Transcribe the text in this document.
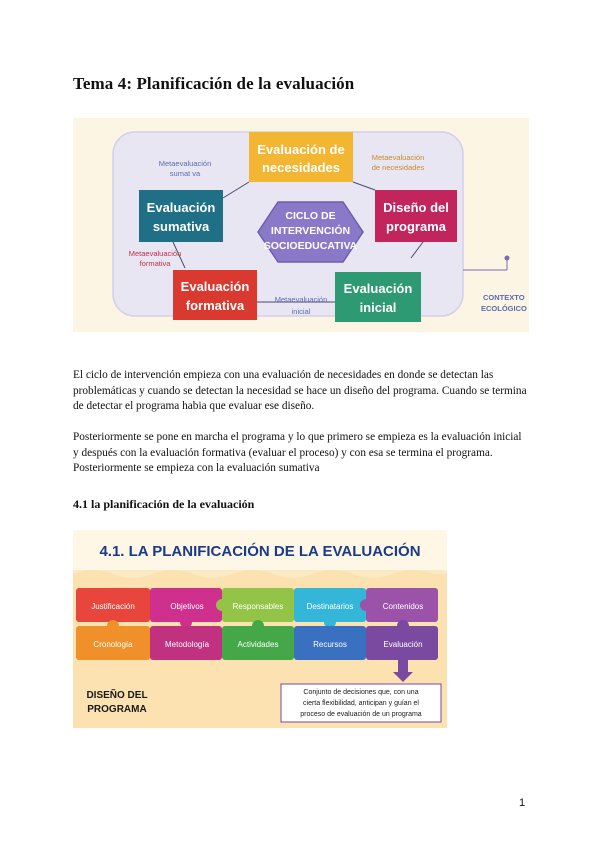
Tema 4: Planificación de la evaluación
CICLO DE
INTERVENCIÓN
SOCIOEDUCATIVA
Evaluación de
necesidades
Diseño del
programa
Evaluación
inicial
Evaluación
formativa
Evaluación
sumativa
Metaevaluación
sumat va
Metaevaluación
de necesidades
Metaevaluación
formativa
Metaevaluación
inicial
CONTEXTO
ECOLÓGICO
El ciclo de intervención empieza con una evaluación de necesidades en donde se detectan las problemáticas y cuando se detectan la necesidad se hace un diseño del programa. Cuando se termina de detectar el programa habia que evaluar ese diseño.
Posteriormente se pone en marcha el programa y lo que primero se empieza es la evaluación inicial y después con la evaluación formativa (evaluar el proceso) y con esa se termina el programa. Posteriormente se empieza con la evaluación sumativa
4.1 la planificación de la evaluación
4.1. LA PLANIFICACIÓN DE LA EVALUACIÓN
Justificación	Objetivos	Responsables	Destinatarios	Contenidos
Cronología	Metodología	Actividades	Recursos	Evaluación
DISEÑO DEL
PROGRAMA
Conjunto de decisiones que, con una
cierta flexibilidad, anticipan y guían el
proceso de evaluación de un programa
1
